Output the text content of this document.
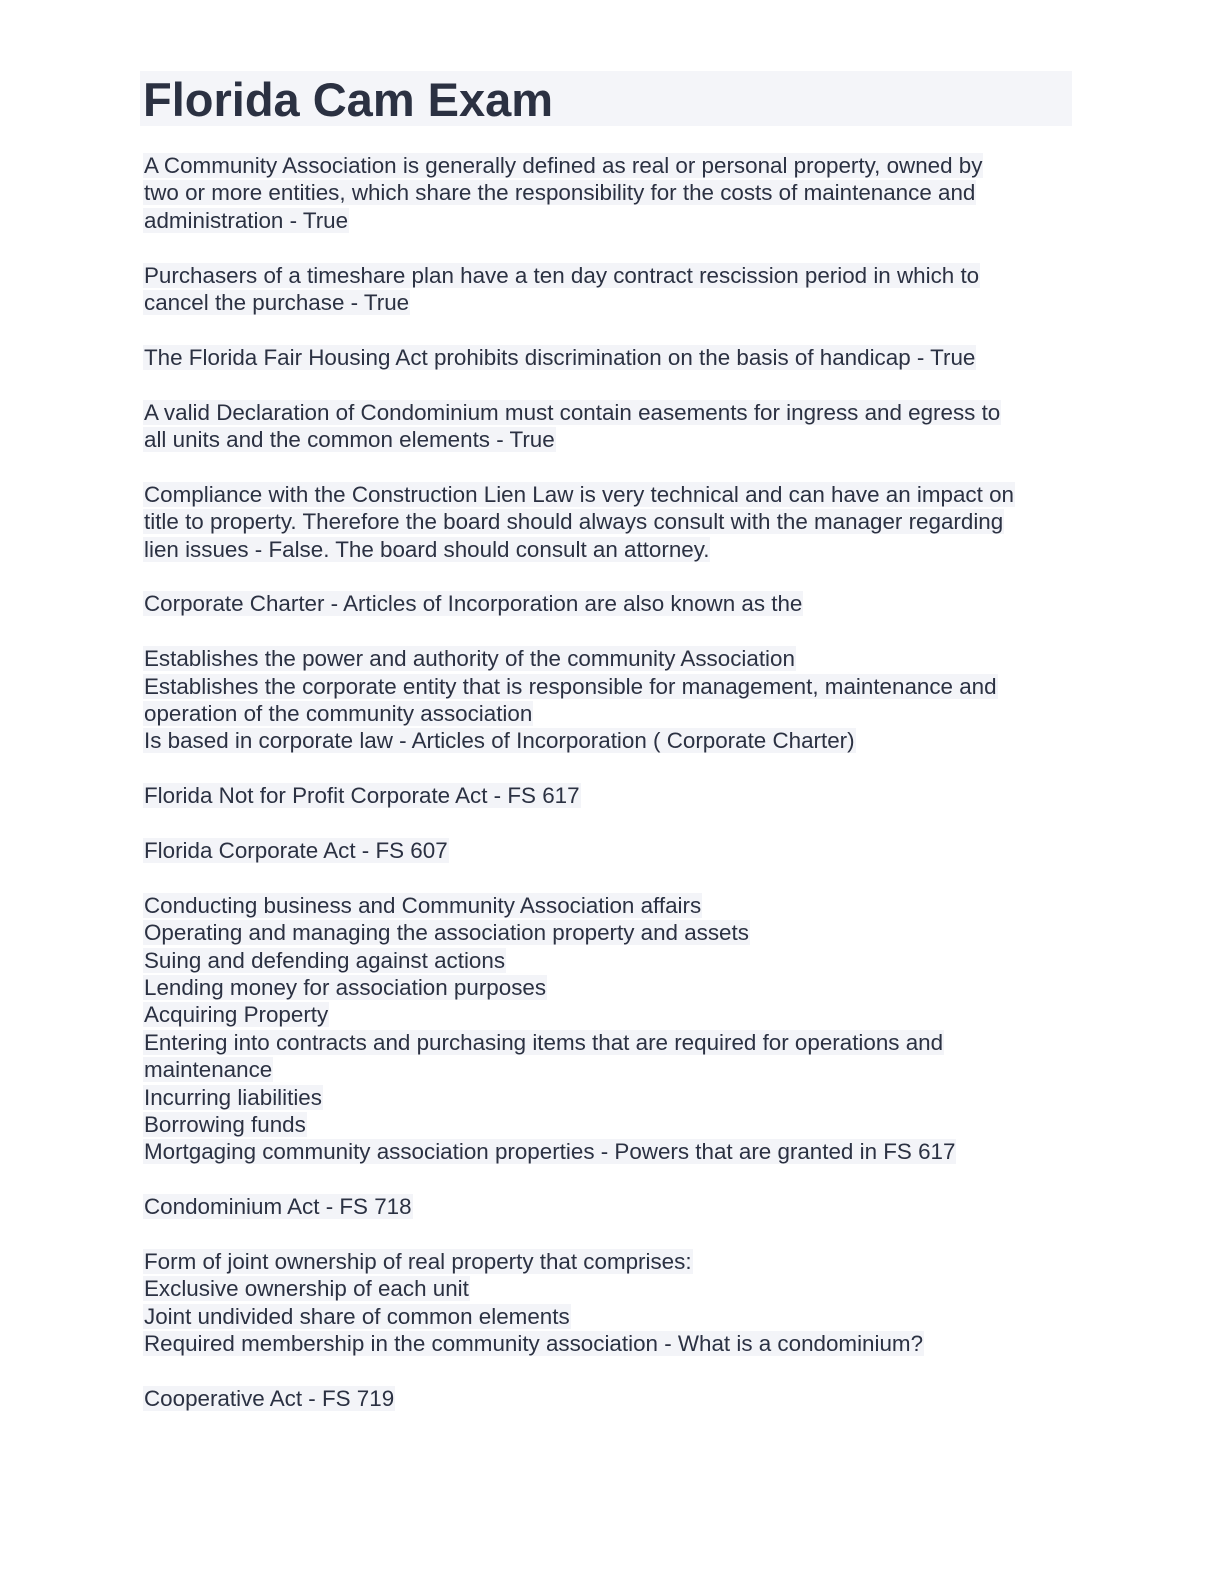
Florida Cam Exam
A Community Association is generally defined as real or personal property, owned by
two or more entities, which share the responsibility for the costs of maintenance and
administration - True
Purchasers of a timeshare plan have a ten day contract rescission period in which to
cancel the purchase - True
The Florida Fair Housing Act prohibits discrimination on the basis of handicap - True
A valid Declaration of Condominium must contain easements for ingress and egress to
all units and the common elements - True
Compliance with the Construction Lien Law is very technical and can have an impact on
title to property. Therefore the board should always consult with the manager regarding
lien issues - False. The board should consult an attorney.
Corporate Charter - Articles of Incorporation are also known as the
Establishes the power and authority of the community Association
Establishes the corporate entity that is responsible for management, maintenance and
operation of the community association
Is based in corporate law - Articles of Incorporation ( Corporate Charter)
Florida Not for Profit Corporate Act - FS 617
Florida Corporate Act - FS 607
Conducting business and Community Association affairs
Operating and managing the association property and assets
Suing and defending against actions
Lending money for association purposes
Acquiring Property
Entering into contracts and purchasing items that are required for operations and
maintenance
Incurring liabilities
Borrowing funds
Mortgaging community association properties - Powers that are granted in FS 617
Condominium Act - FS 718
Form of joint ownership of real property that comprises:
Exclusive ownership of each unit
Joint undivided share of common elements
Required membership in the community association - What is a condominium?
Cooperative Act - FS 719
